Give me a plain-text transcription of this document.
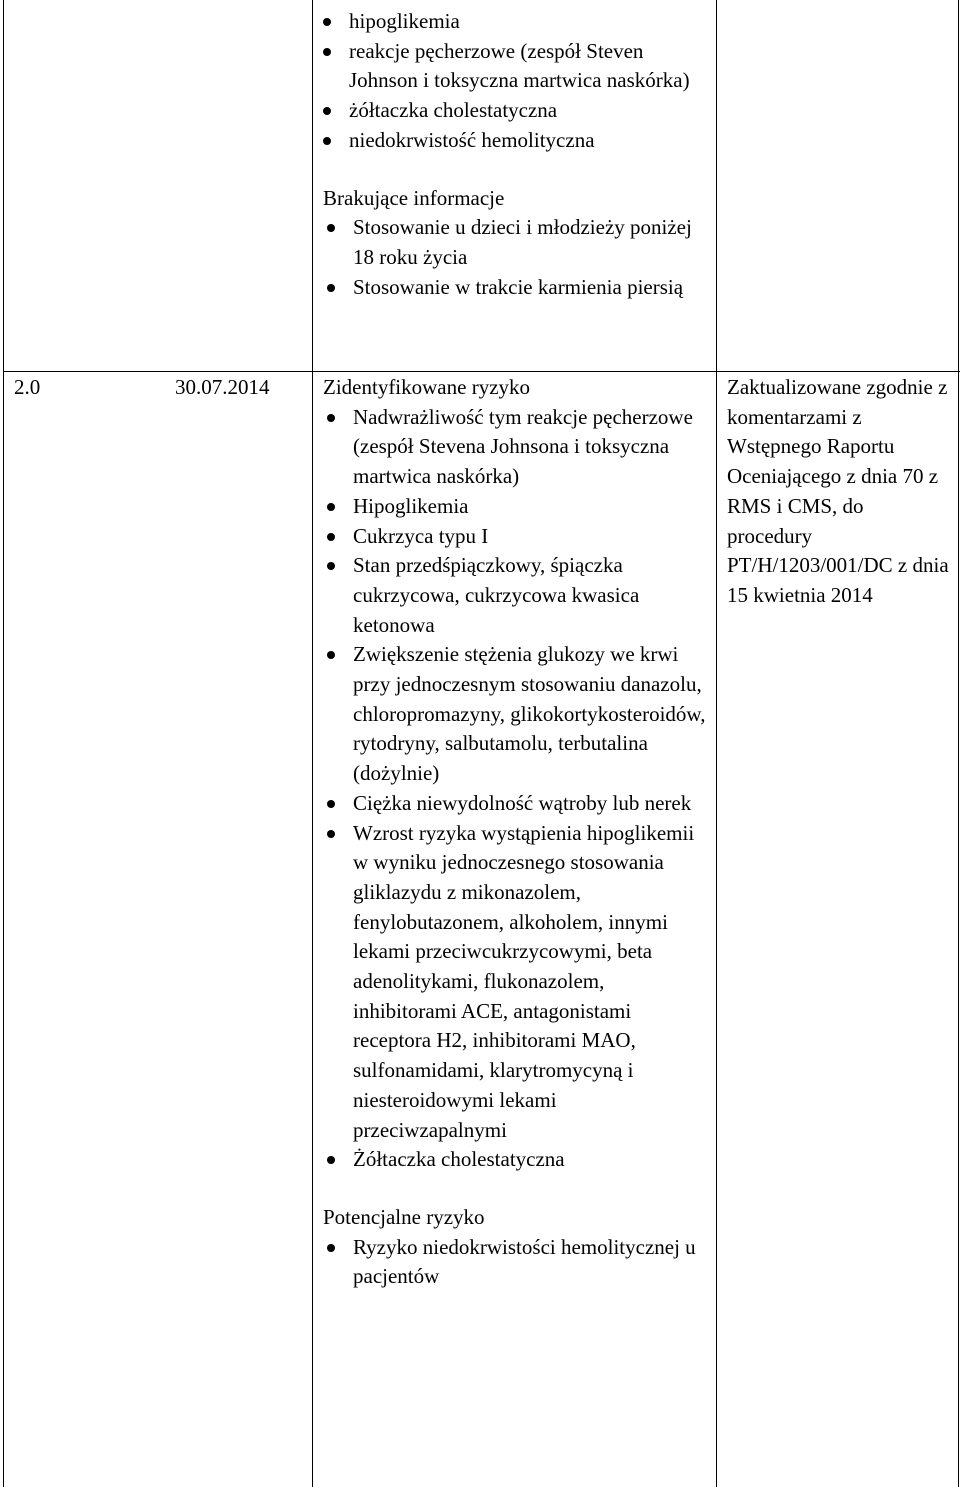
hipoglikemia
reakcje pęcherzowe (zespół Steven Johnson i toksyczna martwica naskórka)
żółtaczka cholestatyczna
niedokrwistość hemolityczna
Brakujące informacje
Stosowanie u dzieci i młodzieży poniżej 18 roku życia
Stosowanie w trakcie karmienia piersią
2.0	30.07.2014	Zidentyfikowane ryzyko
Nadwrażliwość tym reakcje pęcherzowe (zespół Stevena Johnsona i toksyczna martwica naskórka)
Hipoglikemia
Cukrzyca typu I
Stan przedśpiączkowy, śpiączka cukrzycowa, cukrzycowa kwasica ketonowa
Zwiększenie stężenia glukozy we krwi przy jednoczesnym stosowaniu danazolu, chloropromazyny, glikokortykosteroidów, rytodryny, salbutamolu, terbutalina (dożylnie)
Ciężka niewydolność wątroby lub nerek
Wzrost ryzyka wystąpienia hipoglikemii w wyniku jednoczesnego stosowania gliklazydu z mikonazolem, fenylobutazonem, alkoholem, innymi lekami przeciwcukrzycowymi, beta adenolitykami, flukonazolem, inhibitorami ACE, antagonistami receptora H2, inhibitorami MAO, sulfonamidami, klarytromycyną i niesteroidowymi lekami przeciwzapalnymi
Żółtaczka cholestatyczna
Potencjalne ryzyko
Ryzyko niedokrwistości hemolitycznej u pacjentów
Zaktualizowane zgodnie z komentarzami z Wstępnego Raportu Oceniającego z dnia 70 z RMS i CMS, do procedury PT/H/1203/001/DC z dnia 15 kwietnia 2014
